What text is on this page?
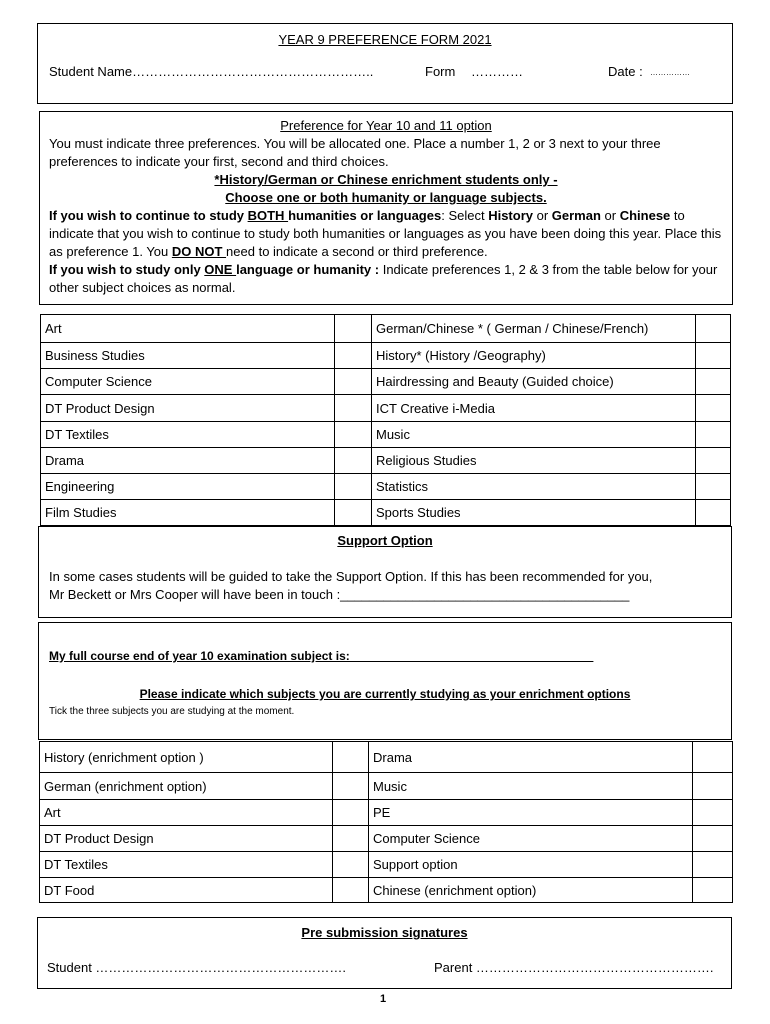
YEAR 9 PREFERENCE FORM 2021
Student Name………………………………………………..	Form …………	Date : ……………
Preference for Year 10 and 11 option
You must indicate three preferences. You will be allocated one. Place a number 1, 2 or 3 next to your three preferences to indicate your first, second and third choices.
*History/German or Chinese enrichment students only -
Choose one or both humanity or language subjects.
If you wish to continue to study BOTH humanities or languages: Select History or German or Chinese to indicate that you wish to continue to study both humanities or languages as you have been doing this year. Place this as preference 1. You DO NOT need to indicate a second or third preference.
If you wish to study only ONE language or humanity : Indicate preferences 1, 2 & 3 from the table below for your other subject choices as normal.
Art		German/Chinese * ( German / Chinese/French)	
Business Studies		History* (History /Geography)	
Computer Science		Hairdressing and Beauty (Guided choice)	
DT Product Design		ICT Creative i-Media	
DT Textiles		Music	
Drama		Religious Studies	
Engineering		Statistics	
Film Studies		Sports Studies	
Support Option
In some cases students will be guided to take the Support Option. If this has been recommended for you,
Mr Beckett or Mrs Cooper will have been in touch :________________________________________
My full course end of year 10 examination subject is: ____________________________________
Please indicate which subjects you are currently studying as your enrichment options
Tick the three subjects you are studying at the moment.
History (enrichment option )		Drama	
German (enrichment option)		Music	
Art		PE	
DT Product Design		Computer Science	
DT Textiles		Support option	
DT Food		Chinese (enrichment option)	
Pre submission signatures
Student ………………………………………………….	Parent ……………………………………………….
1
